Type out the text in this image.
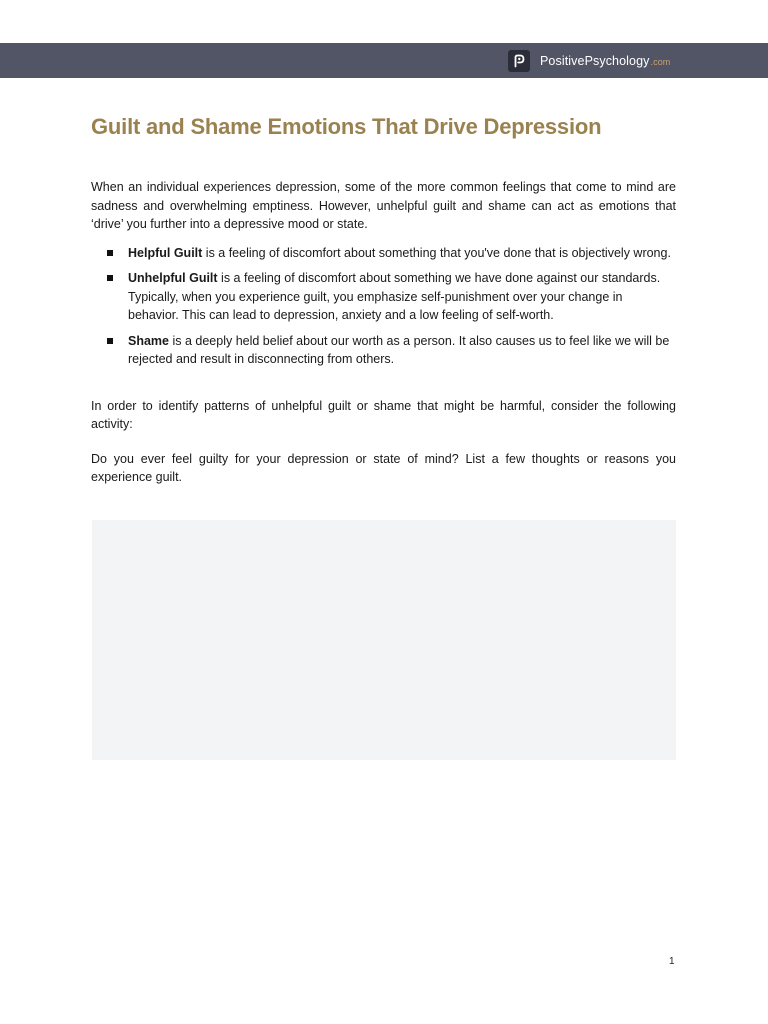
PositivePsychology.com
Guilt and Shame Emotions That Drive Depression

When an individual experiences depression, some of the more common feelings that come to mind are sadness and overwhelming emptiness. However, unhelpful guilt and shame can act as emotions that ‘drive’ you further into a depressive mood or state.

Helpful Guilt is a feeling of discomfort about something that you've done that is objectively wrong.
Unhelpful Guilt is a feeling of discomfort about something we have done against our standards. Typically, when you experience guilt, you emphasize self-punishment over your change in behavior. This can lead to depression, anxiety and a low feeling of self-worth.
Shame is a deeply held belief about our worth as a person. It also causes us to feel like we will be rejected and result in disconnecting from others.

In order to identify patterns of unhelpful guilt or shame that might be harmful, consider the following activity:

Do you ever feel guilty for your depression or state of mind? List a few thoughts or reasons you experience guilt.

1
